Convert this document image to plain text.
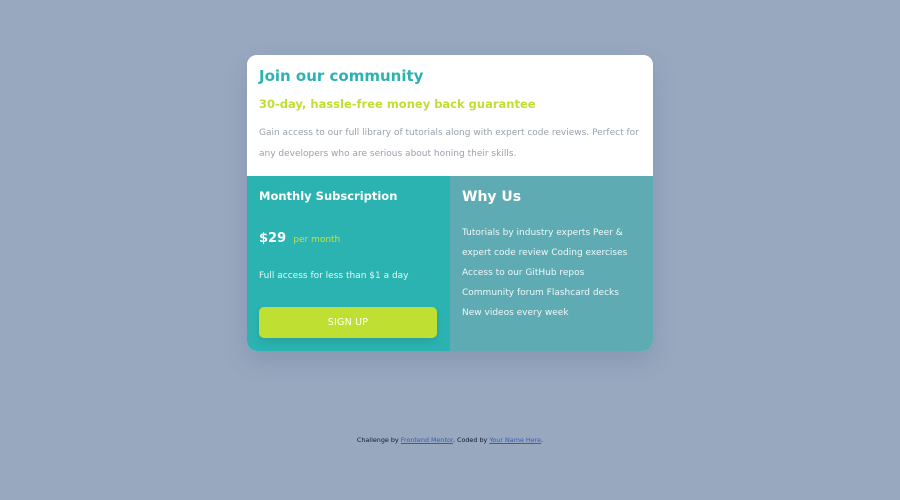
Join our community
30-day, hassle-free money back guarantee

Gain access to our full library of tutorials along with expert code reviews. Perfect for any developers who are serious about honing their skills.

Monthly Subscription
$29 per month
Full access for less than $1 a day
SIGN UP
Why Us

Tutorials by industry experts Peer & expert code review Coding exercises Access to our GitHub repos Community forum Flashcard decks New videos every week

Challenge by Frontend Mentor. Coded by Your Name Here.
